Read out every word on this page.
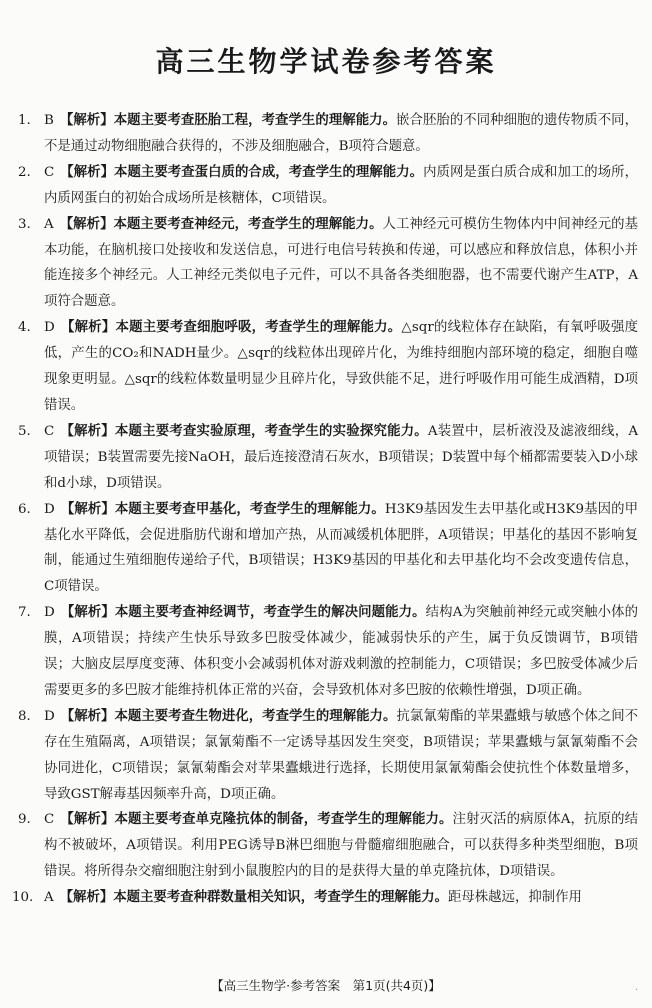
高三生物学试卷参考答案
1. B 【解析】本题主要考查胚胎工程，考查学生的理解能力。嵌合胚胎的不同种细胞的遗传物质不同，不是通过动物细胞融合获得的，不涉及细胞融合，B项符合题意。
2. C 【解析】本题主要考查蛋白质的合成，考查学生的理解能力。内质网是蛋白质合成和加工的场所，内质网蛋白的初始合成场所是核糖体，C项错误。
3. A 【解析】本题主要考查神经元，考查学生的理解能力。人工神经元可模仿生物体内中间神经元的基本功能，在脑机接口处接收和发送信息，可进行电信号转换和传递，可以感应和释放信息，体积小并能连接多个神经元。人工神经元类似电子元件，可以不具备各类细胞器，也不需要代谢产生ATP，A项符合题意。
4. D 【解析】本题主要考查细胞呼吸，考查学生的理解能力。△sqr的线粒体存在缺陷，有氧呼吸强度低，产生的CO₂和NADH量少。△sqr的线粒体出现碎片化，为维持细胞内部环境的稳定，细胞自噬现象更明显。△sqr的线粒体数量明显少且碎片化，导致供能不足，进行呼吸作用可能生成酒精，D项错误。
5. C 【解析】本题主要考查实验原理，考查学生的实验探究能力。A装置中，层析液没及滤液细线，A项错误；B装置需要先接NaOH，最后连接澄清石灰水，B项错误；D装置中每个桶都需要装入D小球和d小球，D项错误。
6. D 【解析】本题主要考查甲基化，考查学生的理解能力。H3K9基因发生去甲基化或H3K9基因的甲基化水平降低，会促进脂肪代谢和增加产热，从而减缓机体肥胖，A项错误；甲基化的基因不影响复制，能通过生殖细胞传递给子代，B项错误；H3K9基因的甲基化和去甲基化均不会改变遗传信息，C项错误。
7. D 【解析】本题主要考查神经调节，考查学生的解决问题能力。结构A为突触前神经元或突触小体的膜，A项错误；持续产生快乐导致多巴胺受体减少，能减弱快乐的产生，属于负反馈调节，B项错误；大脑皮层厚度变薄、体积变小会减弱机体对游戏刺激的控制能力，C项错误；多巴胺受体减少后需要更多的多巴胺才能维持机体正常的兴奋，会导致机体对多巴胺的依赖性增强，D项正确。
8. D 【解析】本题主要考查生物进化，考查学生的理解能力。抗氯氰菊酯的苹果蠹蛾与敏感个体之间不存在生殖隔离，A项错误；氯氰菊酯不一定诱导基因发生突变，B项错误；苹果蠹蛾与氯氰菊酯不会协同进化，C项错误；氯氰菊酯会对苹果蠹蛾进行选择，长期使用氯氰菊酯会使抗性个体数量增多，导致GST解毒基因频率升高，D项正确。
9. C 【解析】本题主要考查单克隆抗体的制备，考查学生的理解能力。注射灭活的病原体A，抗原的结构不被破坏，A项错误。利用PEG诱导B淋巴细胞与骨髓瘤细胞融合，可以获得多种类型细胞，B项错误。将所得杂交瘤细胞注射到小鼠腹腔内的目的是获得大量的单克隆抗体，D项错误。
10. A 【解析】本题主要考查种群数量相关知识，考查学生的理解能力。距母株越远，抑制作用
【高三生物学·参考答案　第1页(共4页)】	·
